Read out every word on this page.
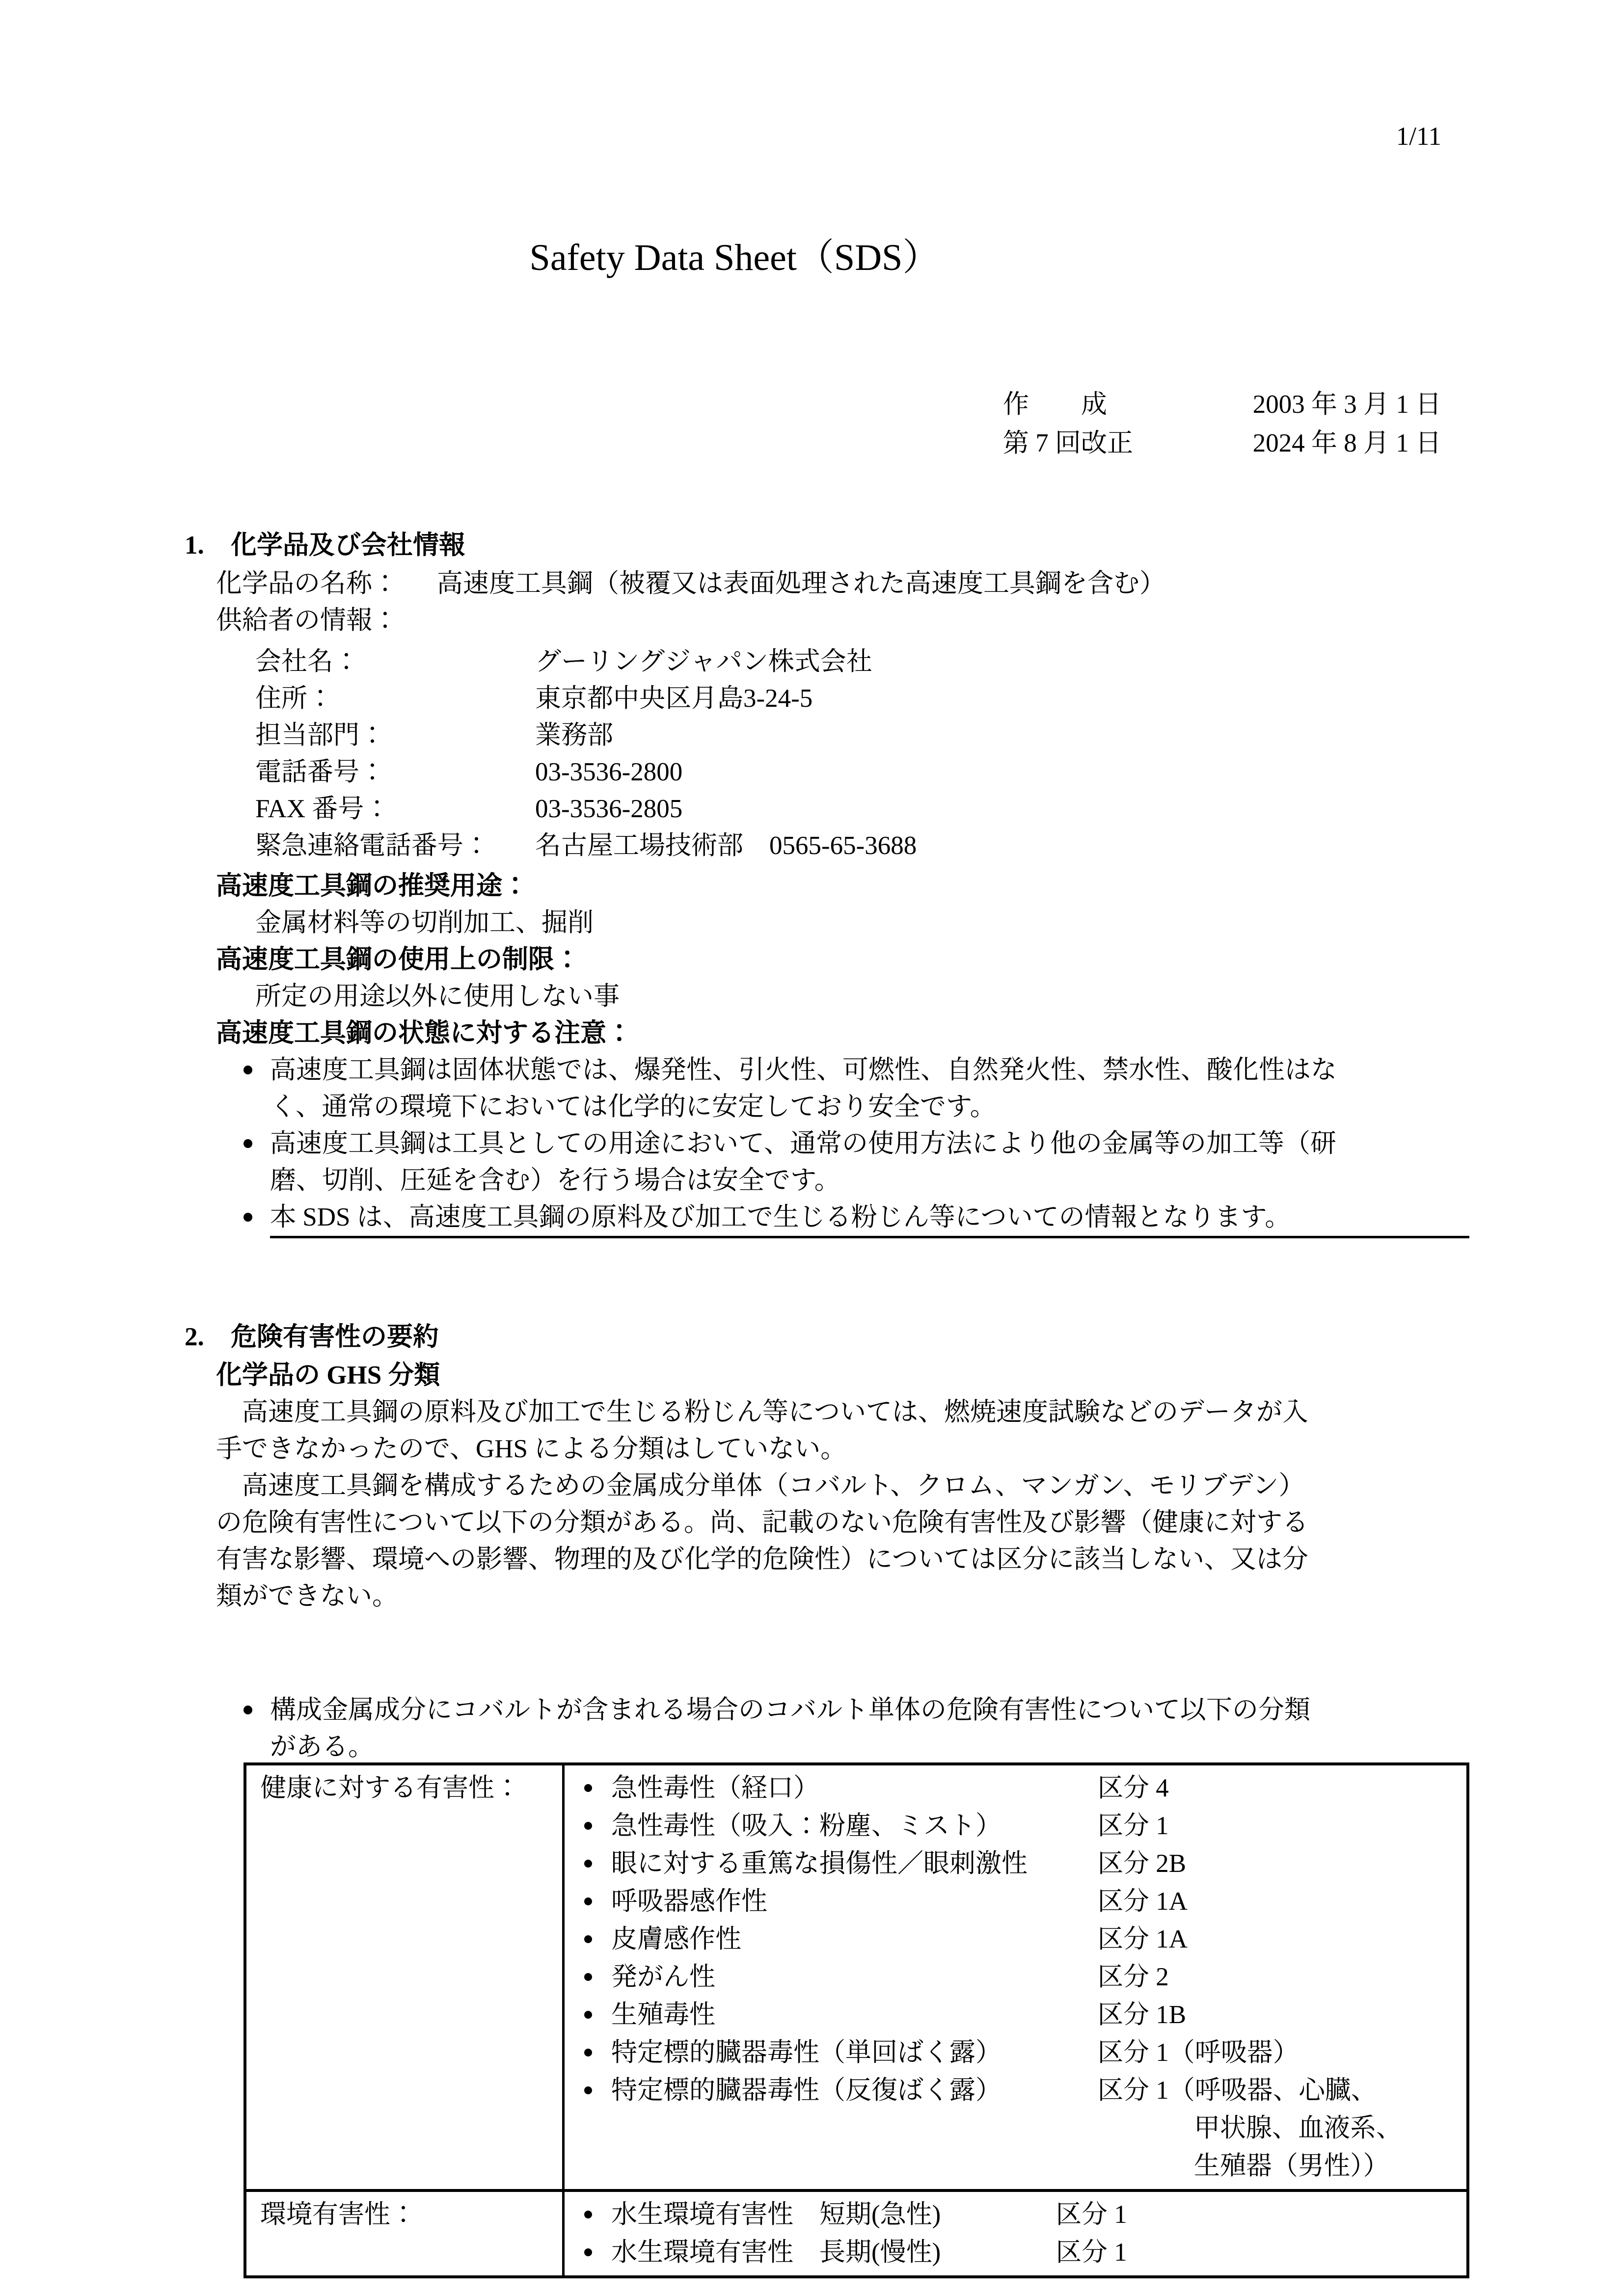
1/11
Safety Data Sheet（SDS）
作　　成	2003 年 3 月 1 日
第 7 回改正	2024 年 8 月 1 日
1. 化学品及び会社情報
化学品の名称：	高速度工具鋼（被覆又は表面処理された高速度工具鋼を含む）
供給者の情報：
会社名：	グーリングジャパン株式会社
住所：	東京都中央区月島3‐24‐5
担当部門：	業務部
電話番号：	03-3536-2800
FAX 番号：	03-3536-2805
緊急連絡電話番号：	名古屋工場技術部　0565-65-3688
高速度工具鋼の推奨用途：
金属材料等の切削加工、掘削
高速度工具鋼の使用上の制限：
所定の用途以外に使用しない事
高速度工具鋼の状態に対する注意：
高速度工具鋼は固体状態では、爆発性、引火性、可燃性、自然発火性、禁水性、酸化性はな
く、通常の環境下においては化学的に安定しており安全です。
高速度工具鋼は工具としての用途において、通常の使用方法により他の金属等の加工等（研
磨、切削、圧延を含む）を行う場合は安全です。
本 SDS は、高速度工具鋼の原料及び加工で生じる粉じん等についての情報となります。
2. 危険有害性の要約
化学品の GHS 分類
　高速度工具鋼の原料及び加工で生じる粉じん等については、燃焼速度試験などのデータが入
手できなかったので、GHS による分類はしていない。
　高速度工具鋼を構成するための金属成分単体（コバルト、クロム、マンガン、モリブデン）
の危険有害性について以下の分類がある。尚、記載のない危険有害性及び影響（健康に対する
有害な影響、環境への影響、物理的及び化学的危険性）については区分に該当しない、又は分
類ができない。
構成金属成分にコバルトが含まれる場合のコバルト単体の危険有害性について以下の分類
がある。
健康に対する有害性：	急性毒性（経口）	区分 4
急性毒性（吸入：粉塵、ミスト）	区分 1
眼に対する重篤な損傷性／眼刺激性	区分 2B
呼吸器感作性	区分 1A
皮膚感作性	区分 1A
発がん性	区分 2
生殖毒性	区分 1B
特定標的臓器毒性（単回ばく露）	区分 1（呼吸器）
特定標的臓器毒性（反復ばく露）	区分 1（呼吸器、心臓、
甲状腺、血液系、
生殖器（男性））
環境有害性：	水生環境有害性　短期(急性)	区分 1
水生環境有害性　長期(慢性)	区分 1
